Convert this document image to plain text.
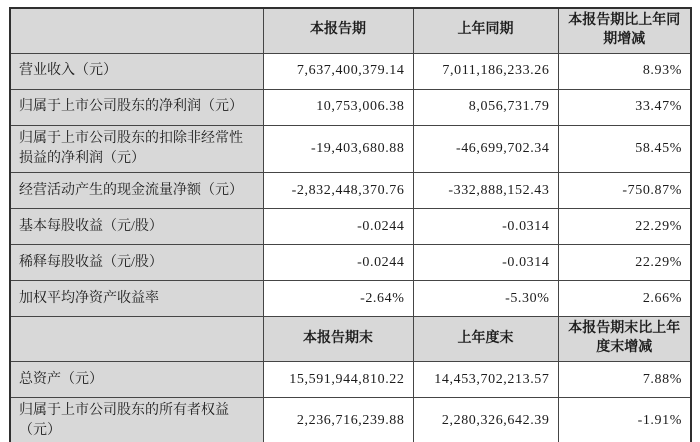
	本报告期	上年同期	本报告期比上年同期增减
营业收入（元）	7,637,400,379.14	7,011,186,233.26	8.93%
归属于上市公司股东的净利润（元）	10,753,006.38	8,056,731.79	33.47%
归属于上市公司股东的扣除非经常性损益的净利润（元）	-19,403,680.88	-46,699,702.34	58.45%
经营活动产生的现金流量净额（元）	-2,832,448,370.76	-332,888,152.43	-750.87%
基本每股收益（元/股）	-0.0244	-0.0314	22.29%
稀释每股收益（元/股）	-0.0244	-0.0314	22.29%
加权平均净资产收益率	-2.64%	-5.30%	2.66%
	本报告期末	上年度末	本报告期末比上年度末增减
总资产（元）	15,591,944,810.22	14,453,702,213.57	7.88%
归属于上市公司股东的所有者权益（元）	2,236,716,239.88	2,280,326,642.39	-1.91%
